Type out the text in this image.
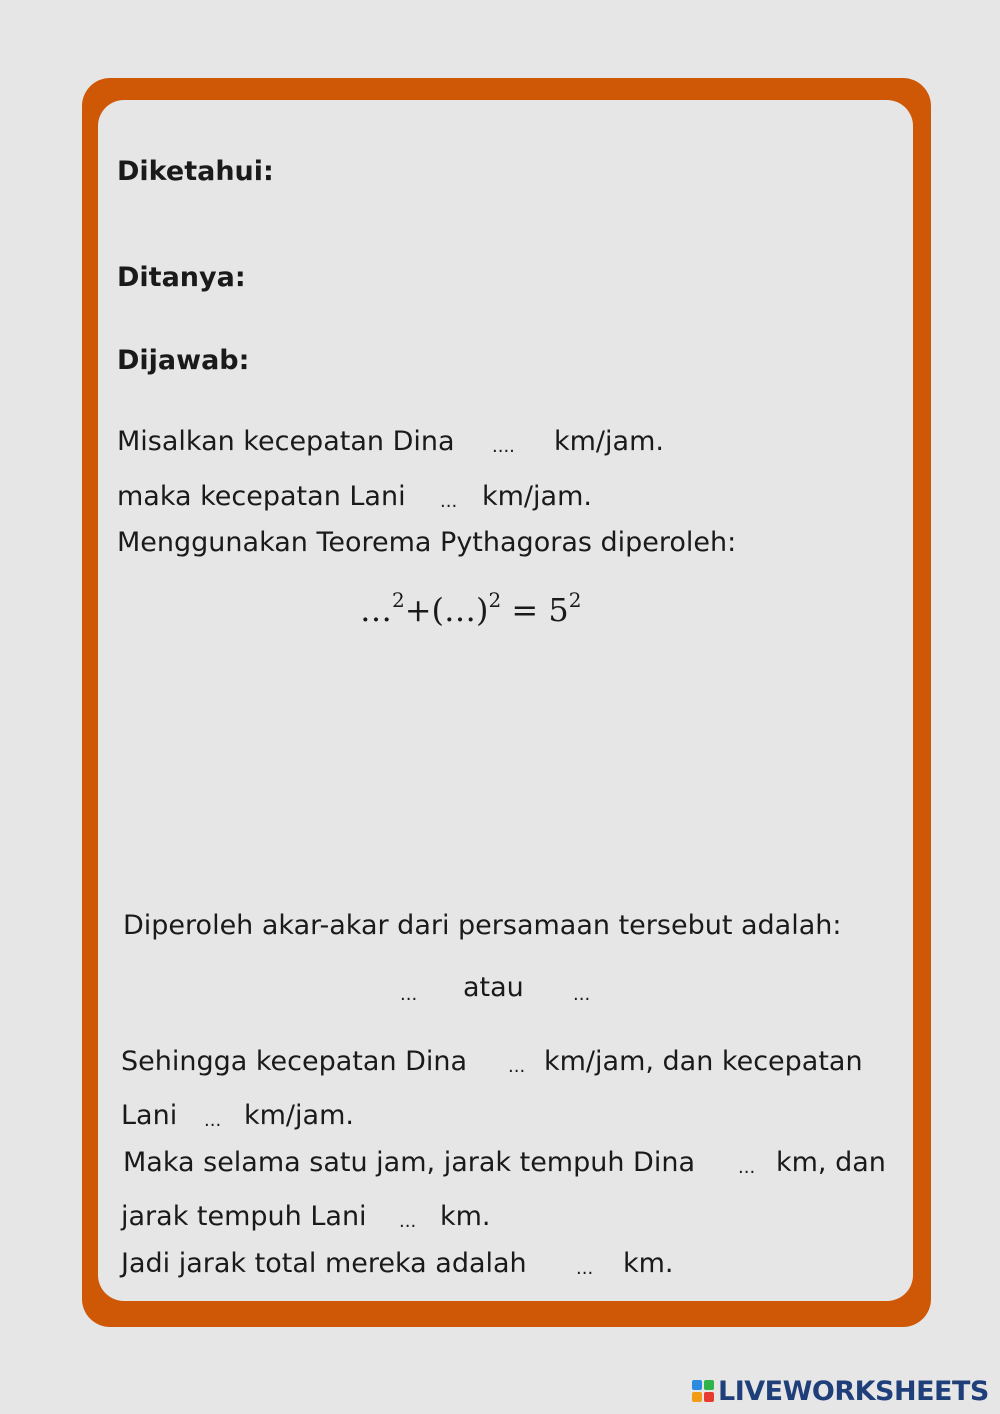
Diketahui:
Ditanya:
Dijawab:
Misalkan kecepatan Dina .... km/jam.
maka kecepatan Lani ... km/jam.
Menggunakan Teorema Pythagoras diperoleh:
…$^2$+(…)$^2$ = $5^2$
Diperoleh akar-akar dari persamaan tersebut adalah:
... atau	...
Sehingga kecepatan Dina ... km/jam, dan kecepatan
Lani ... km/jam.
Maka selama satu jam, jarak tempuh Dina ... km, dan
jarak tempuh Lani ... km.
Jadi jarak total mereka adalah	... km.
LIVEWORKSHEETS
